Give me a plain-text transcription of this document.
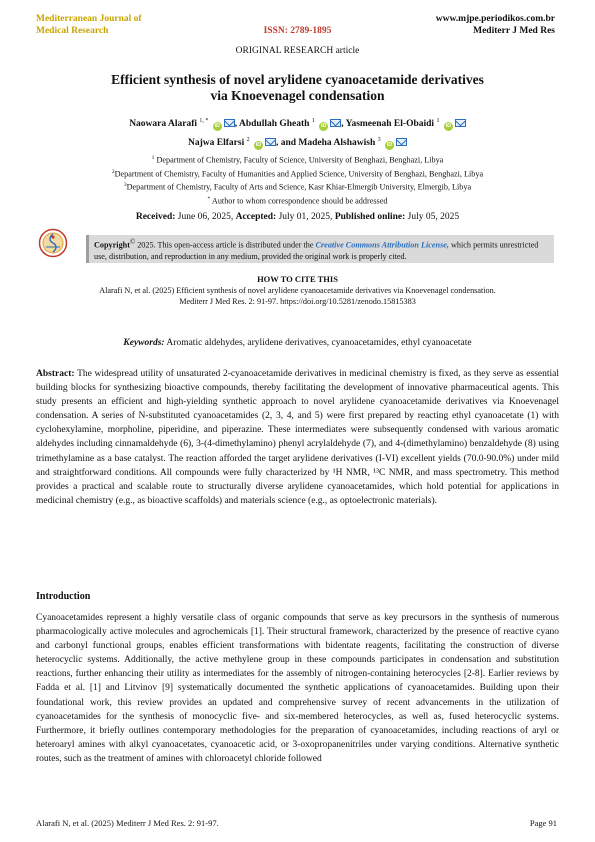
Mediterranean Journal of
Medical Research	ISSN: 2789-1895
www.mjpe.periodikos.com.br
Mediterr J Med Res
ORIGINAL RESEARCH article
Efficient synthesis of novel arylidene cyanoacetamide derivatives
via Knoevenagel condensation
Naowara Alarafi $^{1, *}$ iD , Abdullah Gheath $^1$ iD , Yasmeenah El-Obaidi $^1$ iD
Najwa Elfarsi $^2$ iD , and Madeha Alshawish $^3$ iD
$^1$ Department of Chemistry, Faculty of Science, University of Benghazi, Benghazi, Libya
$^2$Department of Chemistry, Faculty of Humanities and Applied Science, University of Benghazi, Benghazi, Libya
$^3$Department of Chemistry, Faculty of Arts and Science, Kasr Khiar-Elmergib University, Elmergib, Libya
* Author to whom correspondence should be addressed
Received: June 06, 2025, Accepted: July 01, 2025, Published online: July 05, 2025
Copyright© 2025. This open-access article is distributed under the Creative Commons Attribution License, which permits unrestricted use, distribution, and reproduction in any medium, provided the original work is properly cited.
HOW TO CITE THIS
Alarafi N, et al. (2025) Efficient synthesis of novel arylidene cyanoacetamide derivatives via Knoevenagel condensation.
Mediterr J Med Res. 2: 91-97. https://doi.org/10.5281/zenodo.15815383
Keywords: Aromatic aldehydes, arylidene derivatives, cyanoacetamides, ethyl cyanoacetate
Abstract: The widespread utility of unsaturated 2-cyanoacetamide derivatives in medicinal chemistry is fixed, as they serve as essential building blocks for synthesizing bioactive compounds, thereby facilitating the development of innovative pharmaceutical agents. This study presents an efficient and high-yielding synthetic approach to novel arylidene cyanoacetamide derivatives via Knoevenagel condensation. A series of N-substituted cyanoacetamides (2, 3, 4, and 5) were first prepared by reacting ethyl cyanoacetate (1) with cyclohexylamine, morpholine, piperidine, and piperazine. These intermediates were subsequently condensed with various aromatic aldehydes including cinnamaldehyde (6), 3-(4-dimethylamino) phenyl acrylaldehyde (7), and 4-(dimethylamino) benzaldehyde (8) using trimethylamine as a base catalyst. The reaction afforded the target arylidene derivatives (I-VI) excellent yields (70.0-90.0%) under mild and straightforward conditions. All compounds were fully characterized by ¹H NMR, ¹³C NMR, and mass spectrometry. This method provides a practical and scalable route to structurally diverse arylidene cyanoacetamides, which hold potential for applications in medicinal chemistry (e.g., as bioactive scaffolds) and materials science (e.g., as optoelectronic materials).
Introduction
Cyanoacetamides represent a highly versatile class of organic compounds that serve as key precursors in the synthesis of numerous pharmacologically active molecules and agrochemicals [1]. Their structural framework, characterized by the presence of reactive cyano and carbonyl functional groups, enables efficient transformations with bidentate reagents, facilitating the construction of diverse heterocyclic systems. Additionally, the active methylene group in these compounds participates in condensation and substitution reactions, further enhancing their utility as intermediates for the assembly of nitrogen-containing heterocycles [2-8]. Earlier reviews by Fadda et al. [1] and Litvinov [9] systematically documented the synthetic applications of cyanoacetamides. Building upon their foundational work, this review provides an updated and comprehensive survey of recent advancements in the utilization of cyanoacetamides for the synthesis of monocyclic five- and six-membered heterocycles, as well as, fused heterocyclic systems. Furthermore, it briefly outlines contemporary methodologies for the preparation of cyanoacetamides, including reactions of aryl or heteroaryl amines with alkyl cyanoacetates, cyanoacetic acid, or 3-oxopropanenitriles under varying conditions. Alternative synthetic routes, such as the treatment of amines with chloroacetyl chloride followed
Alarafi N, et al. (2025) Mediterr J Med Res. 2: 91-97.	Page 91
